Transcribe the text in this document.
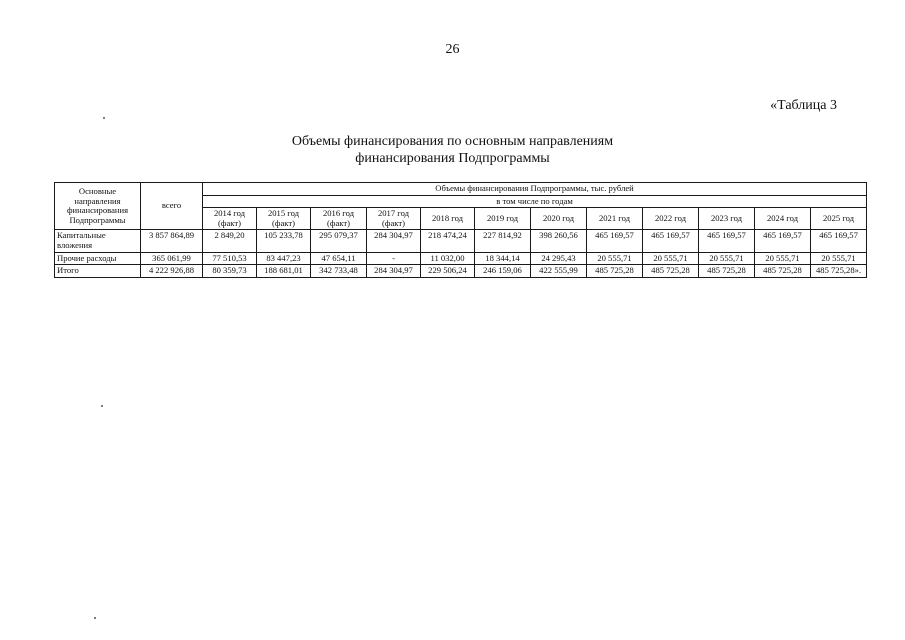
26
«Таблица 3
Объемы финансирования по основным направлениям
финансирования Подпрограммы
Основные направления финансирования Подпрограммы	всего	Объемы финансирования Подпрограммы, тыс. рублей											
		в том числе по годам											
		2014 год (факт)	2015 год (факт)	2016 год (факт)	2017 год (факт)	2018 год	2019 год	2020 год	2021 год	2022 год	2023 год	2024 год	2025 год
Капитальные вложения	3 857 864,89	2 849,20	105 233,78	295 079,37	284 304,97	218 474,24	227 814,92	398 260,56	465 169,57	465 169,57	465 169,57	465 169,57	465 169,57
Прочие расходы	365 061,99	77 510,53	83 447,23	47 654,11	-	11 032,00	18 344,14	24 295,43	20 555,71	20 555,71	20 555,71	20 555,71	20 555,71
Итого	4 222 926,88	80 359,73	188 681,01	342 733,48	284 304,97	229 506,24	246 159,06	422 555,99	485 725,28	485 725,28	485 725,28	485 725,28	485 725,28».
